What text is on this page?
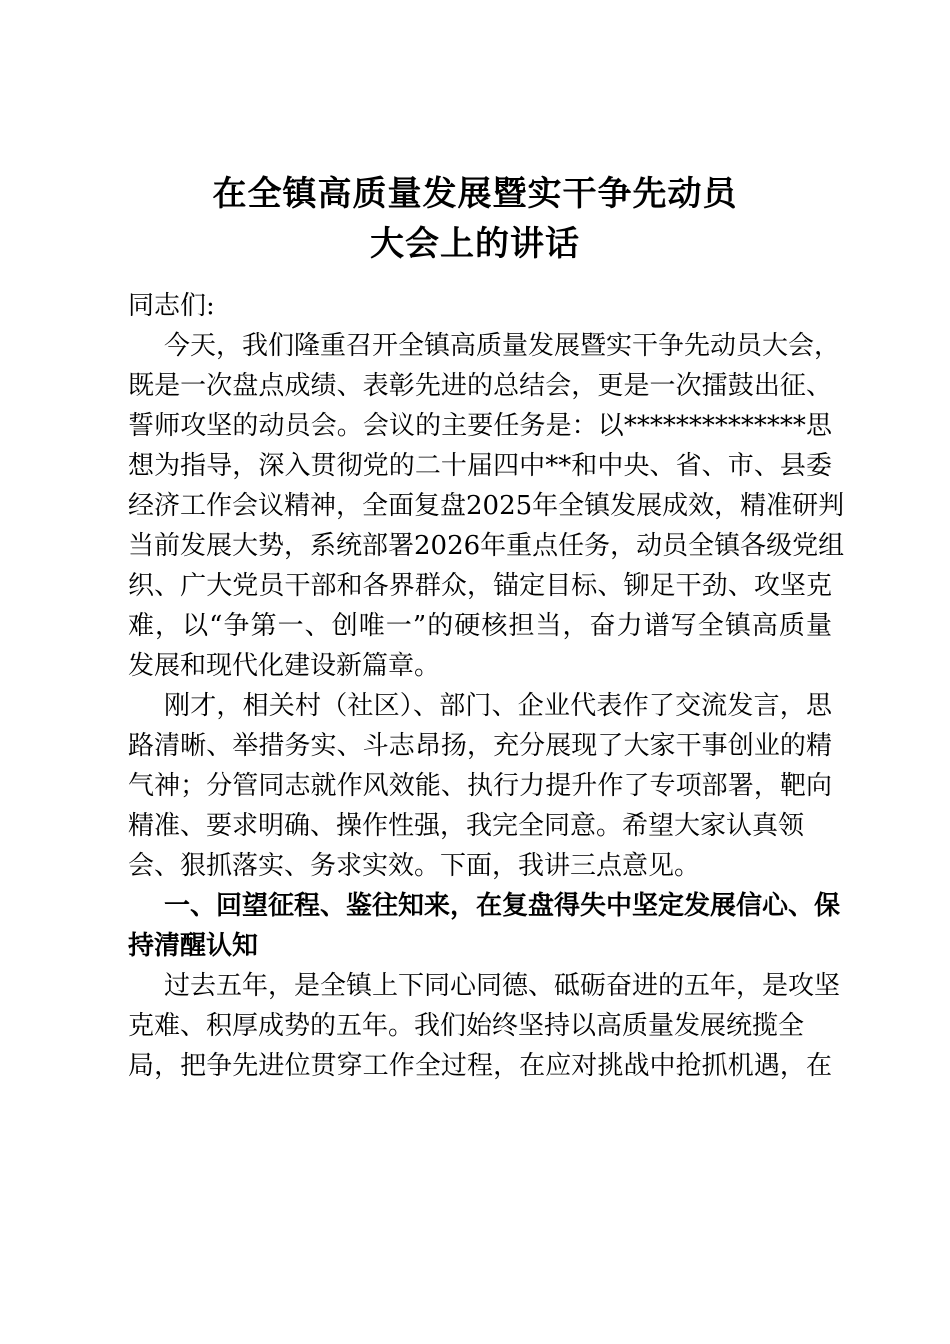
在全镇高质量发展暨实干争先动员
大会上的讲话
同志们:
今天，我们隆重召开全镇高质量发展暨实干争先动员大会，
既是一次盘点成绩、表彰先进的总结会，更是一次擂鼓出征、
誓师攻坚的动员会。会议的主要任务是：以**************思
想为指导，深入贯彻党的二十届四中**和中央、省、市、县委
经济工作会议精神，全面复盘2025年全镇发展成效，精准研判
当前发展大势，系统部署2026年重点任务，动员全镇各级党组
织、广大党员干部和各界群众，锚定目标、铆足干劲、攻坚克
难，以“争第一、创唯一”的硬核担当，奋力谱写全镇高质量
发展和现代化建设新篇章。
刚才，相关村（社区）、部门、企业代表作了交流发言，思
路清晰、举措务实、斗志昂扬，充分展现了大家干事创业的精
气神；分管同志就作风效能、执行力提升作了专项部署，靶向
精准、要求明确、操作性强，我完全同意。希望大家认真领
会、狠抓落实、务求实效。下面，我讲三点意见。
一、回望征程、鉴往知来，在复盘得失中坚定发展信心、保
持清醒认知
过去五年，是全镇上下同心同德、砥砺奋进的五年，是攻坚
克难、积厚成势的五年。我们始终坚持以高质量发展统揽全
局，把争先进位贯穿工作全过程，在应对挑战中抢抓机遇，在
